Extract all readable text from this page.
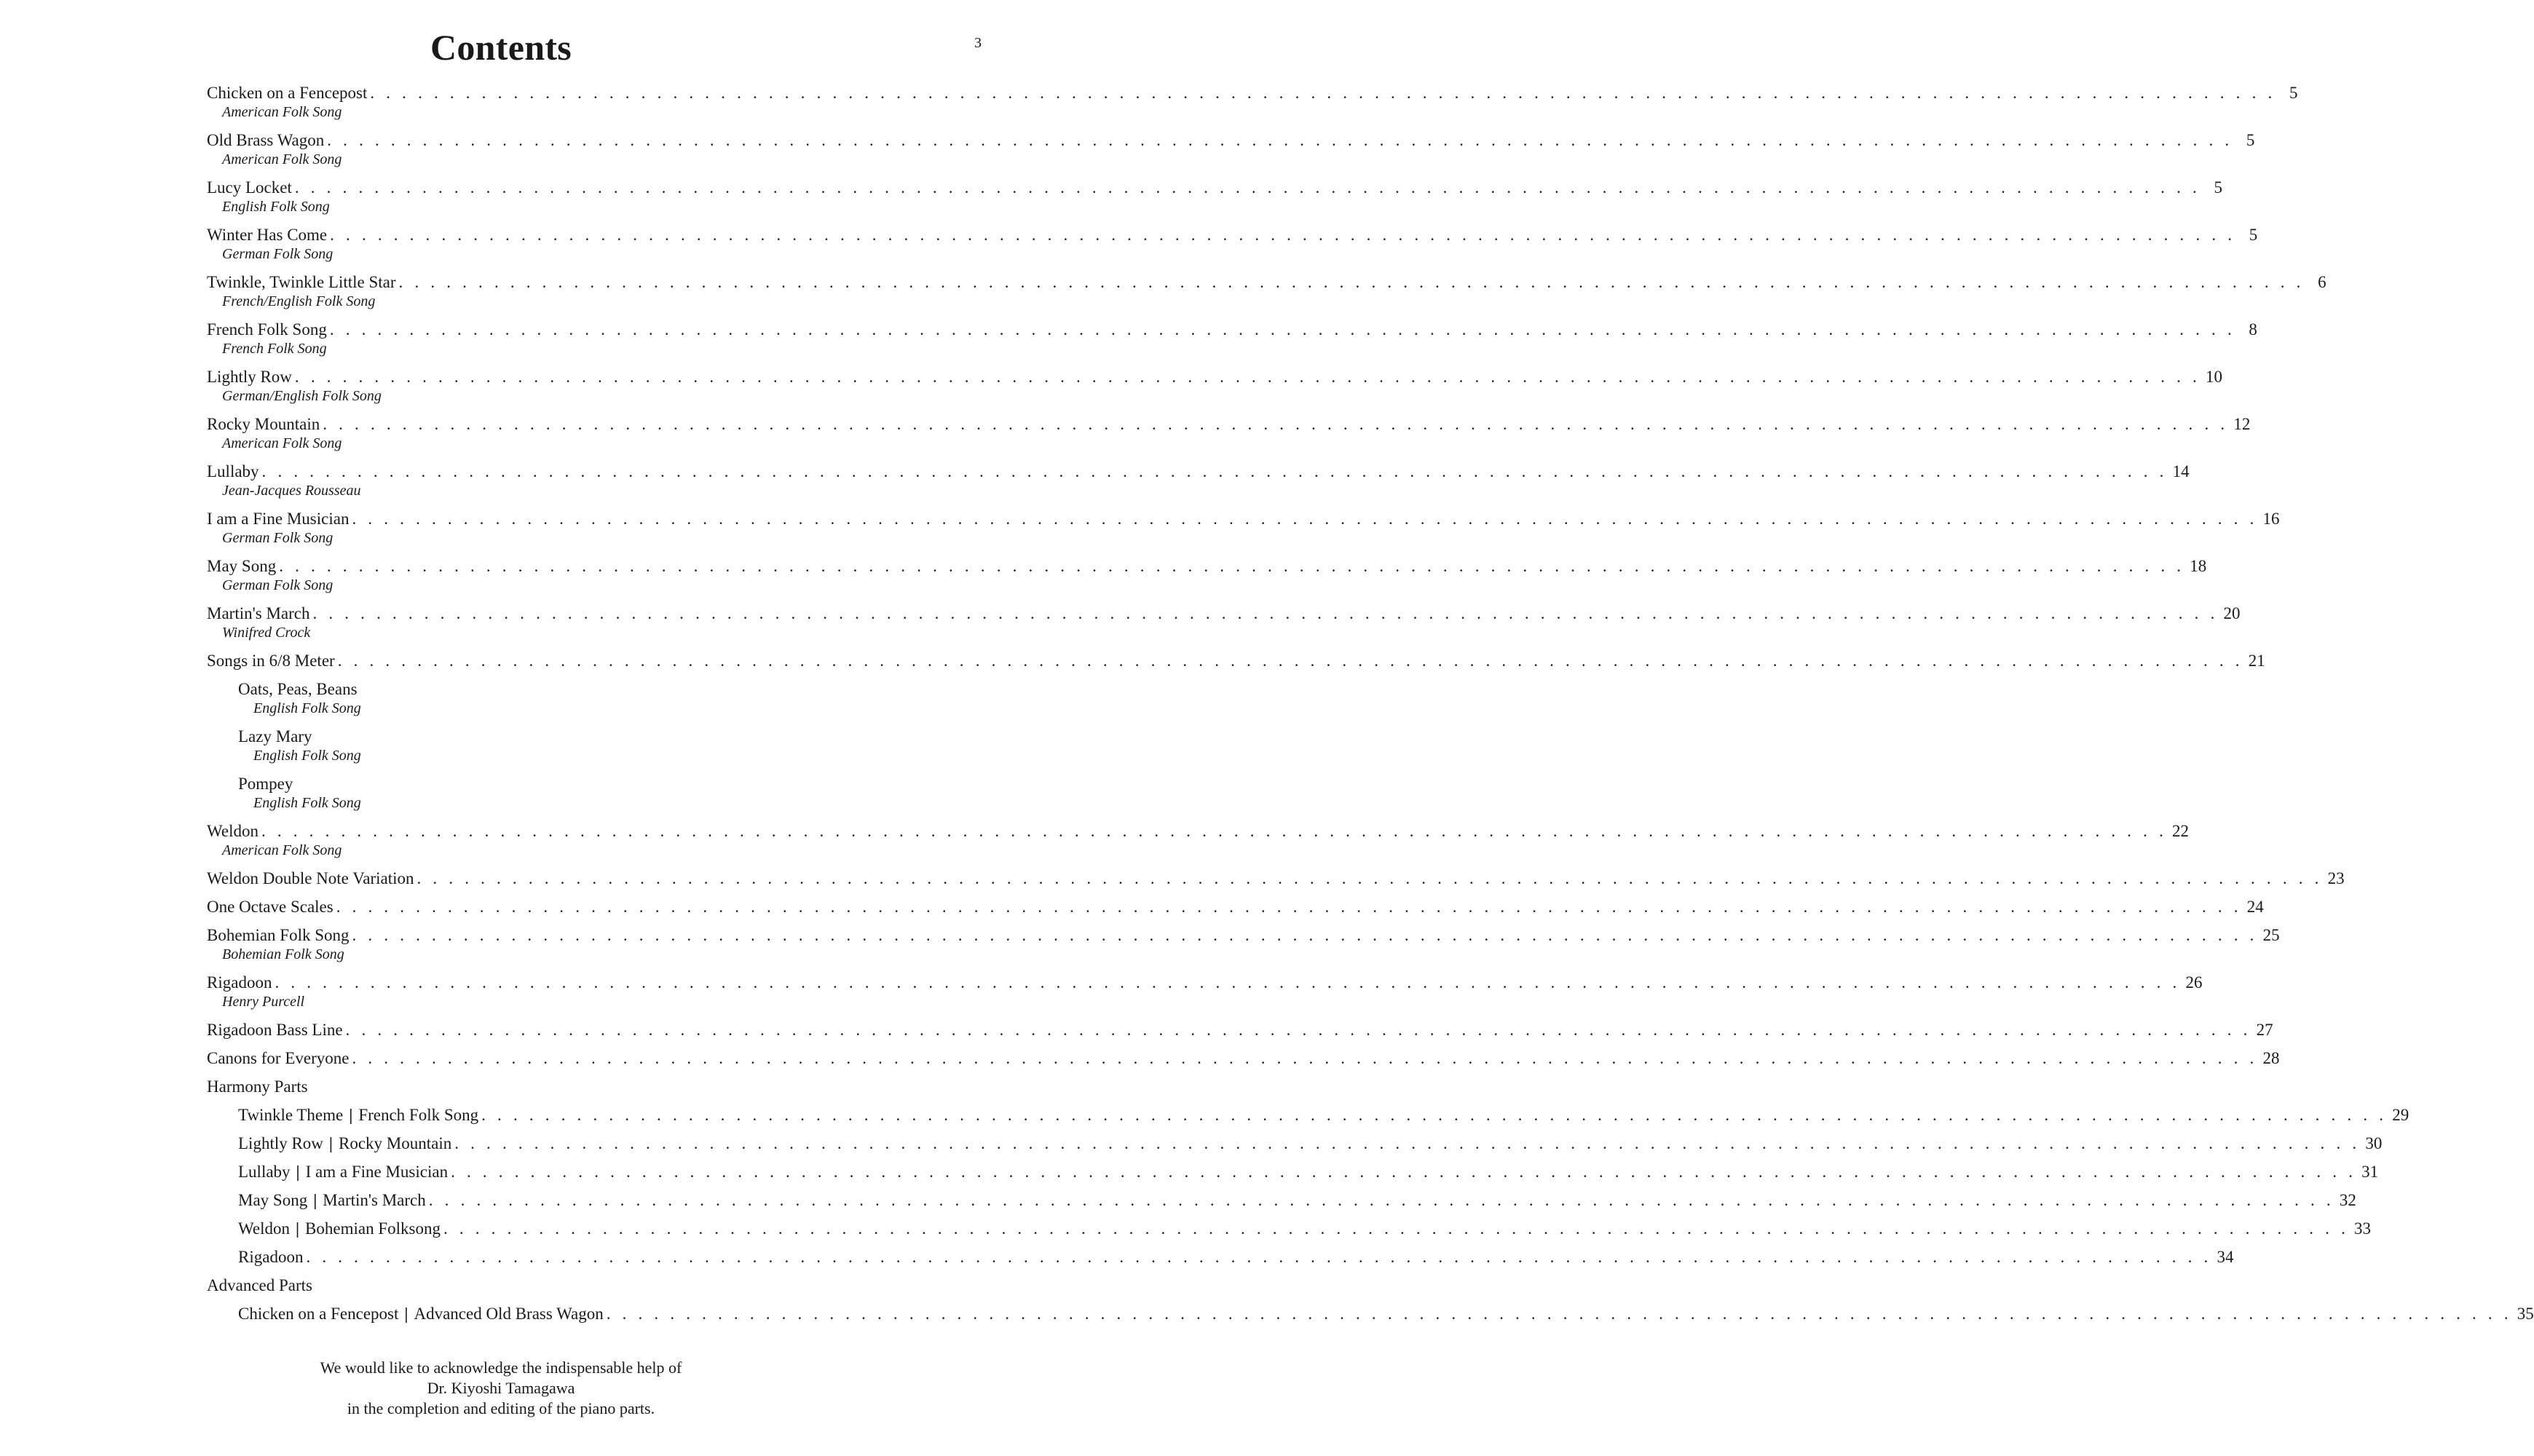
3
Contents
Chicken on a Fencepost . . . . . . . . . . . . . . . . . . . . . . . . . . . . . . . . . . . . . . . . . . . . . . . . . . . . . . . . . . . . . . . . . . . . . . . . . . . . . . . . . . . . . . . . . . . . . . . . . . . . . . . . . . . . . . . . . . . . . . . . 5
American Folk Song
Old Brass Wagon . . . . . . . . . . . . . . . . . . . . . . . . . . . . . . . . . . . . . . . . . . . . . . . . . . . . . . . . . . . . . . . . . . . . . . . . . . . . . . . . . . . . . . . . . . . . . . . . . . . . . . . . . . . . . . . . . . . . . . . . 5
American Folk Song
Lucy Locket . . . . . . . . . . . . . . . . . . . . . . . . . . . . . . . . . . . . . . . . . . . . . . . . . . . . . . . . . . . . . . . . . . . . . . . . . . . . . . . . . . . . . . . . . . . . . . . . . . . . . . . . . . . . . . . . . . . . . . . . 5
English Folk Song
Winter Has Come . . . . . . . . . . . . . . . . . . . . . . . . . . . . . . . . . . . . . . . . . . . . . . . . . . . . . . . . . . . . . . . . . . . . . . . . . . . . . . . . . . . . . . . . . . . . . . . . . . . . . . . . . . . . . . . . . . . . . . . . 5
German Folk Song
Twinkle, Twinkle Little Star . . . . . . . . . . . . . . . . . . . . . . . . . . . . . . . . . . . . . . . . . . . . . . . . . . . . . . . . . . . . . . . . . . . . . . . . . . . . . . . . . . . . . . . . . . . . . . . . . . . . . . . . . . . . . . . . . . . . . . . . 6
French/English Folk Song
French Folk Song . . . . . . . . . . . . . . . . . . . . . . . . . . . . . . . . . . . . . . . . . . . . . . . . . . . . . . . . . . . . . . . . . . . . . . . . . . . . . . . . . . . . . . . . . . . . . . . . . . . . . . . . . . . . . . . . . . . . . . . . 8
French Folk Song
Lightly Row . . . . . . . . . . . . . . . . . . . . . . . . . . . . . . . . . . . . . . . . . . . . . . . . . . . . . . . . . . . . . . . . . . . . . . . . . . . . . . . . . . . . . . . . . . . . . . . . . . . . . . . . . . . . . . . . . . . . . . . . 10
German/English Folk Song
Rocky Mountain . . . . . . . . . . . . . . . . . . . . . . . . . . . . . . . . . . . . . . . . . . . . . . . . . . . . . . . . . . . . . . . . . . . . . . . . . . . . . . . . . . . . . . . . . . . . . . . . . . . . . . . . . . . . . . . . . . . . . . . . 12
American Folk Song
Lullaby . . . . . . . . . . . . . . . . . . . . . . . . . . . . . . . . . . . . . . . . . . . . . . . . . . . . . . . . . . . . . . . . . . . . . . . . . . . . . . . . . . . . . . . . . . . . . . . . . . . . . . . . . . . . . . . . . . . . . . . . 14
Jean-Jacques Rousseau
I am a Fine Musician . . . . . . . . . . . . . . . . . . . . . . . . . . . . . . . . . . . . . . . . . . . . . . . . . . . . . . . . . . . . . . . . . . . . . . . . . . . . . . . . . . . . . . . . . . . . . . . . . . . . . . . . . . . . . . . . . . . . . . . . 16
German Folk Song
May Song . . . . . . . . . . . . . . . . . . . . . . . . . . . . . . . . . . . . . . . . . . . . . . . . . . . . . . . . . . . . . . . . . . . . . . . . . . . . . . . . . . . . . . . . . . . . . . . . . . . . . . . . . . . . . . . . . . . . . . . . 18
German Folk Song
Martin's March . . . . . . . . . . . . . . . . . . . . . . . . . . . . . . . . . . . . . . . . . . . . . . . . . . . . . . . . . . . . . . . . . . . . . . . . . . . . . . . . . . . . . . . . . . . . . . . . . . . . . . . . . . . . . . . . . . . . . . . . 20
Winifred Crock
Songs in 6/8 Meter . . . . . . . . . . . . . . . . . . . . . . . . . . . . . . . . . . . . . . . . . . . . . . . . . . . . . . . . . . . . . . . . . . . . . . . . . . . . . . . . . . . . . . . . . . . . . . . . . . . . . . . . . . . . . . . . . . . . . . . . 21
Oats, Peas, Beans
English Folk Song
Lazy Mary
English Folk Song
Pompey
English Folk Song
Weldon . . . . . . . . . . . . . . . . . . . . . . . . . . . . . . . . . . . . . . . . . . . . . . . . . . . . . . . . . . . . . . . . . . . . . . . . . . . . . . . . . . . . . . . . . . . . . . . . . . . . . . . . . . . . . . . . . . . . . . . . 22
American Folk Song
Weldon Double Note Variation . . . . . . . . . . . . . . . . . . . . . . . . . . . . . . . . . . . . . . . . . . . . . . . . . . . . . . . . . . . . . . . . . . . . . . . . . . . . . . . . . . . . . . . . . . . . . . . . . . . . . . . . . . . . . . . . . . . . . . . . 23
One Octave Scales . . . . . . . . . . . . . . . . . . . . . . . . . . . . . . . . . . . . . . . . . . . . . . . . . . . . . . . . . . . . . . . . . . . . . . . . . . . . . . . . . . . . . . . . . . . . . . . . . . . . . . . . . . . . . . . . . . . . . . . . 24
Bohemian Folk Song . . . . . . . . . . . . . . . . . . . . . . . . . . . . . . . . . . . . . . . . . . . . . . . . . . . . . . . . . . . . . . . . . . . . . . . . . . . . . . . . . . . . . . . . . . . . . . . . . . . . . . . . . . . . . . . . . . . . . . . . 25
Bohemian Folk Song
Rigadoon . . . . . . . . . . . . . . . . . . . . . . . . . . . . . . . . . . . . . . . . . . . . . . . . . . . . . . . . . . . . . . . . . . . . . . . . . . . . . . . . . . . . . . . . . . . . . . . . . . . . . . . . . . . . . . . . . . . . . . . . 26
Henry Purcell
Rigadoon Bass Line . . . . . . . . . . . . . . . . . . . . . . . . . . . . . . . . . . . . . . . . . . . . . . . . . . . . . . . . . . . . . . . . . . . . . . . . . . . . . . . . . . . . . . . . . . . . . . . . . . . . . . . . . . . . . . . . . . . . . . . . 27
Canons for Everyone . . . . . . . . . . . . . . . . . . . . . . . . . . . . . . . . . . . . . . . . . . . . . . . . . . . . . . . . . . . . . . . . . . . . . . . . . . . . . . . . . . . . . . . . . . . . . . . . . . . . . . . . . . . . . . . . . . . . . . . . 28
Harmony Parts
Twinkle Theme | French Folk Song . . . . . . . . . . . . . . . . . . . . . . . . . . . . . . . . . . . . . . . . . . . . . . . . . . . . . . . . . . . . . . . . . . . . . . . . . . . . . . . . . . . . . . . . . . . . . . . . . . . . . . . . . . . . . . . . . . . . . . . . 29
Lightly Row | Rocky Mountain . . . . . . . . . . . . . . . . . . . . . . . . . . . . . . . . . . . . . . . . . . . . . . . . . . . . . . . . . . . . . . . . . . . . . . . . . . . . . . . . . . . . . . . . . . . . . . . . . . . . . . . . . . . . . . . . . . . . . . . . 30
Lullaby | I am a Fine Musician . . . . . . . . . . . . . . . . . . . . . . . . . . . . . . . . . . . . . . . . . . . . . . . . . . . . . . . . . . . . . . . . . . . . . . . . . . . . . . . . . . . . . . . . . . . . . . . . . . . . . . . . . . . . . . . . . . . . . . . . 31
May Song | Martin's March . . . . . . . . . . . . . . . . . . . . . . . . . . . . . . . . . . . . . . . . . . . . . . . . . . . . . . . . . . . . . . . . . . . . . . . . . . . . . . . . . . . . . . . . . . . . . . . . . . . . . . . . . . . . . . . . . . . . . . . . 32
Weldon | Bohemian Folksong . . . . . . . . . . . . . . . . . . . . . . . . . . . . . . . . . . . . . . . . . . . . . . . . . . . . . . . . . . . . . . . . . . . . . . . . . . . . . . . . . . . . . . . . . . . . . . . . . . . . . . . . . . . . . . . . . . . . . . . . 33
Rigadoon . . . . . . . . . . . . . . . . . . . . . . . . . . . . . . . . . . . . . . . . . . . . . . . . . . . . . . . . . . . . . . . . . . . . . . . . . . . . . . . . . . . . . . . . . . . . . . . . . . . . . . . . . . . . . . . . . . . . . . . . 34
Advanced Parts
Chicken on a Fencepost | Advanced Old Brass Wagon . . . . . . . . . . . . . . . . . . . . . . . . . . . . . . . . . . . . . . . . . . . . . . . . . . . . . . . . . . . . . . . . . . . . . . . . . . . . . . . . . . . . . . . . . . . . . . . . . . . . . . . . . . . . . . . . . . . . . . . . 35
We would like to acknowledge the indispensable help of
Dr. Kiyoshi Tamagawa
in the completion and editing of the piano parts.
